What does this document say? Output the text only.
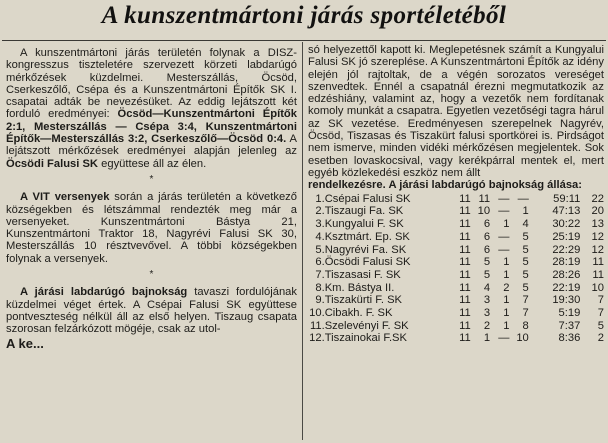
A kunszentmártoni járás sportéletéből

A kunszentmártoni járás területén folynak a DISZ-kongresszus tiszteletére szervezett körzeti labdarúgó mérkőzések küzdelmei. Mesterszállás, Öcsöd, Cserkeszőlő, Csépa és a Kunszentmártoni Építők SK I. csapatai adták be nevezésüket. Az eddig lejátszott két forduló eredményei: Öcsöd—Kunszentmártoni Építők 2:1, Mesterszállás — Csépa 3:4, Kunszentmártoni Építők—Mesterszállás 3:2, Cserkeszőlő—Öcsöd 0:4. A lejátszott mérkőzések eredményei alapján jelenleg az Öcsödi Falusi SK együttese áll az élen.

*

A VIT versenyek során a járás területén a következő községekben és létszámmal rendezték meg már a versenyeket. Kunszentmártoni Bástya 21, Kunszentmártoni Traktor 18, Nagyrévi Falusi SK 30, Mesterszállás 10 résztvevővel. A többi községekben folynak a versenyek.

*

A járási labdarúgó bajnokság tavaszi fordulójának küzdelmei véget értek. A Csépai Falusi SK együttese pontveszteség nélkül áll az első helyen. Tiszaug csapata szorosan felzárkózott mögéje, csak az utol-

A ke...

só helyezettől kapott ki. Meglepetésnek számít a Kungyalui Falusi SK jó szereplése. A Kunszentmártoni Építők az idény elején jól rajtoltak, de a végén sorozatos vereséget szenvedtek. Ennél a csapatnál érezni megmutatkozik az edzéshiány, valamint az, hogy a vezetők nem fordítanak komoly munkát a csapatra. Egyetlen vezetőségi tagra hárul az SK vezetése. Eredményesen szerepelnek Nagyrév, Öcsöd, Tiszasas és Tiszakürt falusi sportkörei is. Pirdságot nem ismerve, minden vidéki mérkőzésen megjelentek. Sok esetben lovaskocsival, vagy kerékpárral mentek el, mert egyéb közlekedési eszköz nem állt

rendelkezésre. A járási labdarúgó bajnokság állása:

1.	Csépai Falusi SK	11	11	—	—	59:11	22
2.	Tiszaugi Fa. SK	11	10	—	1	47:13	20
3.	Kungyalui F. SK	11	6	1	4	30:22	13
4.	Ksztmárt. Ep. SK	11	6	—	5	25:19	12
5.	Nagyrévi Fa. SK	11	6	—	5	22:29	12
6.	Öcsödi Falusi SK	11	5	1	5	28:19	11
7.	Tiszasasi F. SK	11	5	1	5	28:26	11
8.	Km. Bástya II.	11	4	2	5	22:19	10
9.	Tiszakürti F. SK	11	3	1	7	19:30	7
10.	Cibakh. F. SK	11	3	1	7	5:19	7
11.	Szelevényi F. SK	11	2	1	8	7:37	5
12.	Tiszainokai F.SK	11	1	—	10	8:36	2
